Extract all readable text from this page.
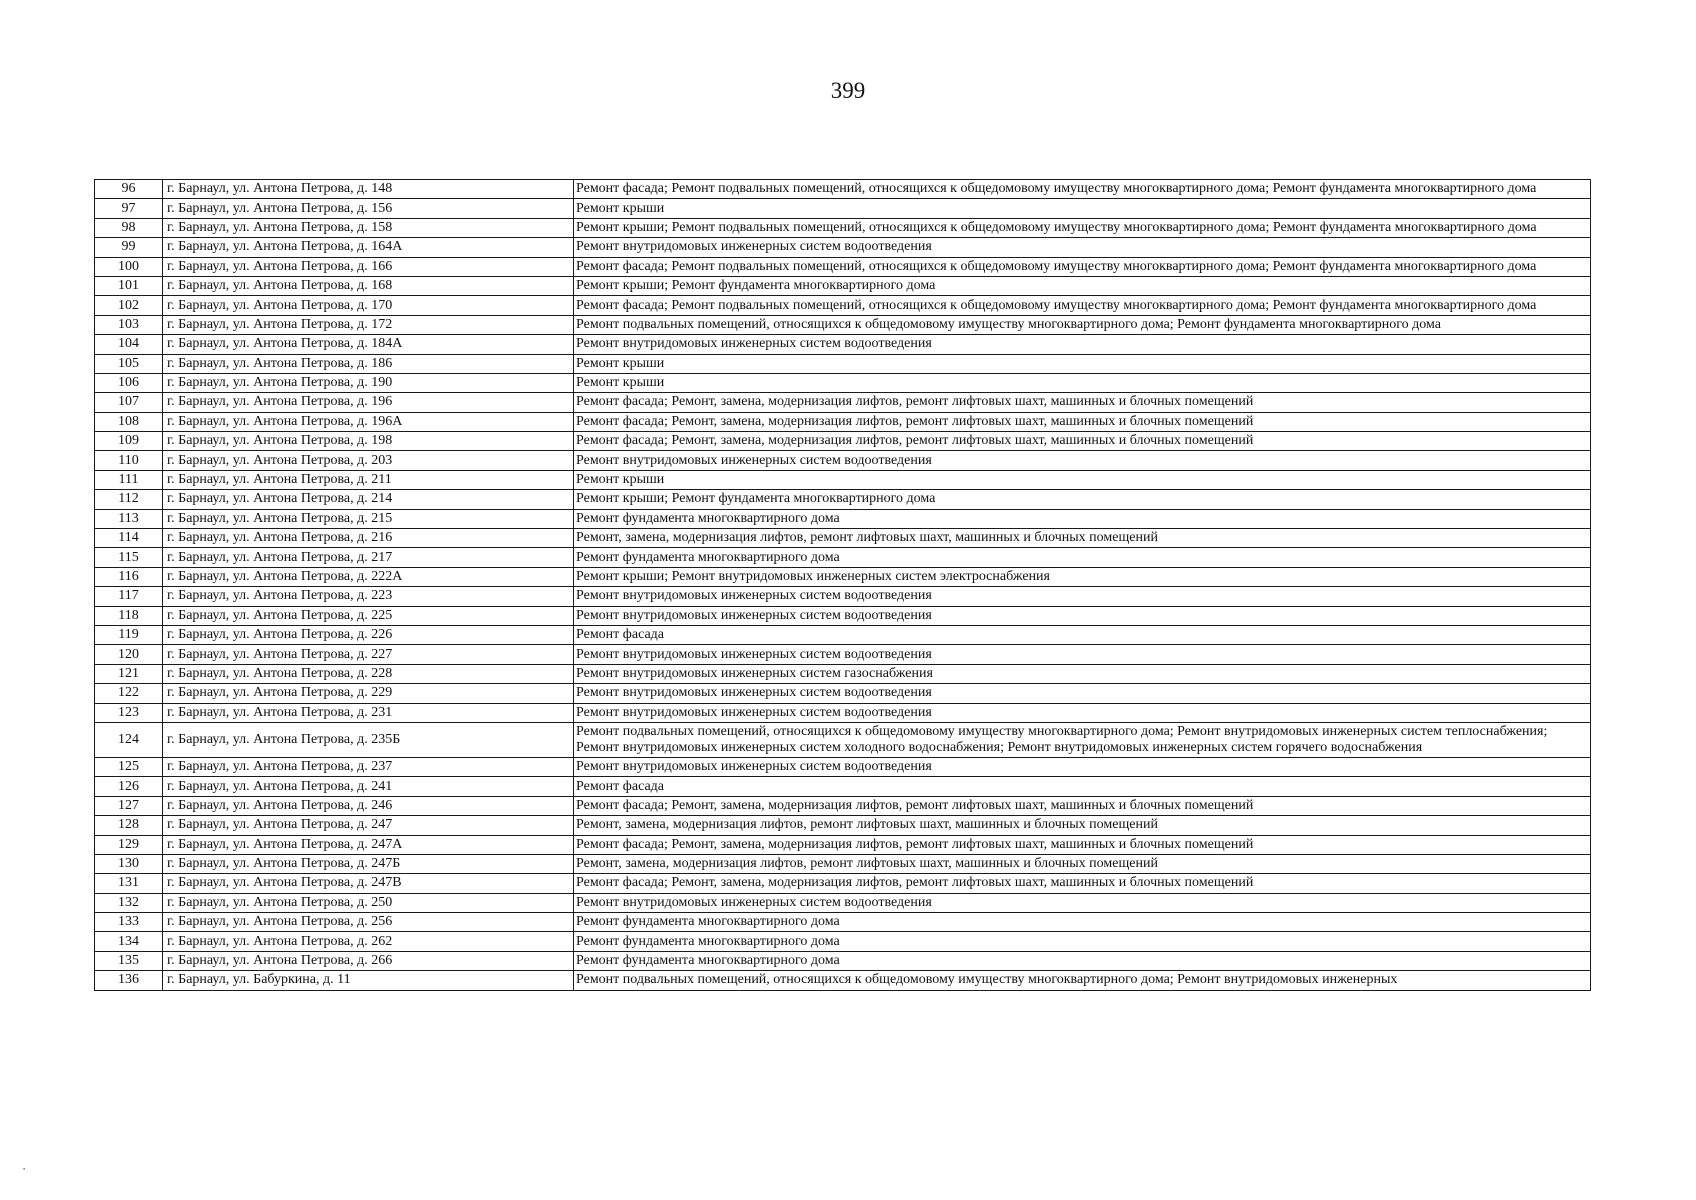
399
96	г. Барнаул, ул. Антона Петрова, д. 148	Ремонт фасада; Ремонт подвальных помещений, относящихся к общедомовому имуществу многоквартирного дома; Ремонт фундамента многоквартирного дома
97	г. Барнаул, ул. Антона Петрова, д. 156	Ремонт крыши
98	г. Барнаул, ул. Антона Петрова, д. 158	Ремонт крыши; Ремонт подвальных помещений, относящихся к общедомовому имуществу многоквартирного дома; Ремонт фундамента многоквартирного дома
99	г. Барнаул, ул. Антона Петрова, д. 164А	Ремонт внутридомовых инженерных систем водоотведения
100	г. Барнаул, ул. Антона Петрова, д. 166	Ремонт фасада; Ремонт подвальных помещений, относящихся к общедомовому имуществу многоквартирного дома; Ремонт фундамента многоквартирного дома
101	г. Барнаул, ул. Антона Петрова, д. 168	Ремонт крыши; Ремонт фундамента многоквартирного дома
102	г. Барнаул, ул. Антона Петрова, д. 170	Ремонт фасада; Ремонт подвальных помещений, относящихся к общедомовому имуществу многоквартирного дома; Ремонт фундамента многоквартирного дома
103	г. Барнаул, ул. Антона Петрова, д. 172	Ремонт подвальных помещений, относящихся к общедомовому имуществу многоквартирного дома; Ремонт фундамента многоквартирного дома
104	г. Барнаул, ул. Антона Петрова, д. 184А	Ремонт внутридомовых инженерных систем водоотведения
105	г. Барнаул, ул. Антона Петрова, д. 186	Ремонт крыши
106	г. Барнаул, ул. Антона Петрова, д. 190	Ремонт крыши
107	г. Барнаул, ул. Антона Петрова, д. 196	Ремонт фасада; Ремонт, замена, модернизация лифтов, ремонт лифтовых шахт, машинных и блочных помещений
108	г. Барнаул, ул. Антона Петрова, д. 196А	Ремонт фасада; Ремонт, замена, модернизация лифтов, ремонт лифтовых шахт, машинных и блочных помещений
109	г. Барнаул, ул. Антона Петрова, д. 198	Ремонт фасада; Ремонт, замена, модернизация лифтов, ремонт лифтовых шахт, машинных и блочных помещений
110	г. Барнаул, ул. Антона Петрова, д. 203	Ремонт внутридомовых инженерных систем водоотведения
111	г. Барнаул, ул. Антона Петрова, д. 211	Ремонт крыши
112	г. Барнаул, ул. Антона Петрова, д. 214	Ремонт крыши; Ремонт фундамента многоквартирного дома
113	г. Барнаул, ул. Антона Петрова, д. 215	Ремонт фундамента многоквартирного дома
114	г. Барнаул, ул. Антона Петрова, д. 216	Ремонт, замена, модернизация лифтов, ремонт лифтовых шахт, машинных и блочных помещений
115	г. Барнаул, ул. Антона Петрова, д. 217	Ремонт фундамента многоквартирного дома
116	г. Барнаул, ул. Антона Петрова, д. 222А	Ремонт крыши; Ремонт внутридомовых инженерных систем электроснабжения
117	г. Барнаул, ул. Антона Петрова, д. 223	Ремонт внутридомовых инженерных систем водоотведения
118	г. Барнаул, ул. Антона Петрова, д. 225	Ремонт внутридомовых инженерных систем водоотведения
119	г. Барнаул, ул. Антона Петрова, д. 226	Ремонт фасада
120	г. Барнаул, ул. Антона Петрова, д. 227	Ремонт внутридомовых инженерных систем водоотведения
121	г. Барнаул, ул. Антона Петрова, д. 228	Ремонт внутридомовых инженерных систем газоснабжения
122	г. Барнаул, ул. Антона Петрова, д. 229	Ремонт внутридомовых инженерных систем водоотведения
123	г. Барнаул, ул. Антона Петрова, д. 231	Ремонт внутридомовых инженерных систем водоотведения
124	г. Барнаул, ул. Антона Петрова, д. 235Б	Ремонт подвальных помещений, относящихся к общедомовому имуществу многоквартирного дома; Ремонт внутридомовых инженерных систем теплоснабжения; Ремонт внутридомовых инженерных систем холодного водоснабжения; Ремонт внутридомовых инженерных систем горячего водоснабжения
125	г. Барнаул, ул. Антона Петрова, д. 237	Ремонт внутридомовых инженерных систем водоотведения
126	г. Барнаул, ул. Антона Петрова, д. 241	Ремонт фасада
127	г. Барнаул, ул. Антона Петрова, д. 246	Ремонт фасада; Ремонт, замена, модернизация лифтов, ремонт лифтовых шахт, машинных и блочных помещений
128	г. Барнаул, ул. Антона Петрова, д. 247	Ремонт, замена, модернизация лифтов, ремонт лифтовых шахт, машинных и блочных помещений
129	г. Барнаул, ул. Антона Петрова, д. 247А	Ремонт фасада; Ремонт, замена, модернизация лифтов, ремонт лифтовых шахт, машинных и блочных помещений
130	г. Барнаул, ул. Антона Петрова, д. 247Б	Ремонт, замена, модернизация лифтов, ремонт лифтовых шахт, машинных и блочных помещений
131	г. Барнаул, ул. Антона Петрова, д. 247В	Ремонт фасада; Ремонт, замена, модернизация лифтов, ремонт лифтовых шахт, машинных и блочных помещений
132	г. Барнаул, ул. Антона Петрова, д. 250	Ремонт внутридомовых инженерных систем водоотведения
133	г. Барнаул, ул. Антона Петрова, д. 256	Ремонт фундамента многоквартирного дома
134	г. Барнаул, ул. Антона Петрова, д. 262	Ремонт фундамента многоквартирного дома
135	г. Барнаул, ул. Антона Петрова, д. 266	Ремонт фундамента многоквартирного дома
136	г. Барнаул, ул. Бабуркина, д. 11	Ремонт подвальных помещений, относящихся к общедомовому имуществу многоквартирного дома; Ремонт внутридомовых инженерных
⋅
